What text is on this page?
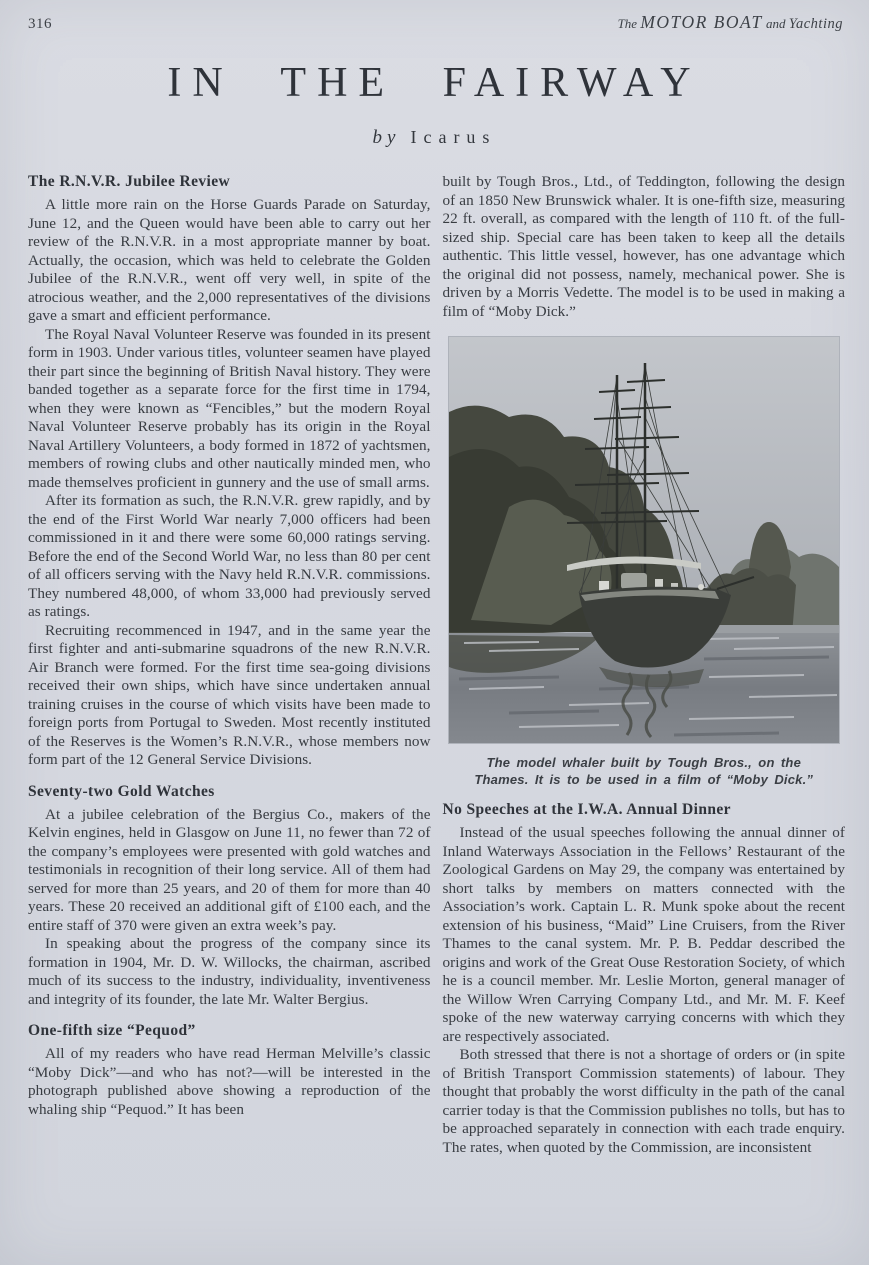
316	The MOTOR BOAT and Yachting
IN THE FAIRWAY
by Icarus
The R.N.V.R. Jubilee Review

A little more rain on the Horse Guards Parade on Saturday, June 12, and the Queen would have been able to carry out her review of the R.N.V.R. in a most appropriate manner by boat. Actually, the occasion, which was held to celebrate the Golden Jubilee of the R.N.V.R., went off very well, in spite of the atrocious weather, and the 2,000 representatives of the divisions gave a smart and efficient performance.

The Royal Naval Volunteer Reserve was founded in its present form in 1903. Under various titles, volunteer seamen have played their part since the beginning of British Naval history. They were banded together as a separate force for the first time in 1794, when they were known as “Fencibles,” but the modern Royal Naval Volunteer Reserve probably has its origin in the Royal Naval Artillery Volunteers, a body formed in 1872 of yachtsmen, members of rowing clubs and other nautically minded men, who made themselves proficient in gunnery and the use of small arms.

After its formation as such, the R.N.V.R. grew rapidly, and by the end of the First World War nearly 7,000 officers had been commissioned in it and there were some 60,000 ratings serving. Before the end of the Second World War, no less than 80 per cent of all officers serving with the Navy held R.N.V.R. commissions. They numbered 48,000, of whom 33,000 had previously served as ratings.

Recruiting recommenced in 1947, and in the same year the first fighter and anti-submarine squadrons of the new R.N.V.R. Air Branch were formed. For the first time sea-going divisions received their own ships, which have since undertaken annual training cruises in the course of which visits have been made to foreign ports from Portugal to Sweden. Most recently instituted of the Reserves is the Women’s R.N.V.R., whose members now form part of the 12 General Service Divisions.

Seventy-two Gold Watches

At a jubilee celebration of the Bergius Co., makers of the Kelvin engines, held in Glasgow on June 11, no fewer than 72 of the company’s employees were presented with gold watches and testimonials in recognition of their long service. All of them had served for more than 25 years, and 20 of them for more than 40 years. These 20 received an additional gift of £100 each, and the entire staff of 370 were given an extra week’s pay.

In speaking about the progress of the company since its formation in 1904, Mr. D. W. Willocks, the chairman, ascribed much of its success to the industry, individuality, inventiveness and integrity of its founder, the late Mr. Walter Bergius.

One-fifth size “Pequod”

All of my readers who have read Herman Melville’s classic “Moby Dick”—and who has not?—will be interested in the photograph published above showing a reproduction of the whaling ship “Pequod.” It has been

built by Tough Bros., Ltd., of Teddington, following the design of an 1850 New Brunswick whaler. It is one-fifth size, measuring 22 ft. overall, as compared with the length of 110 ft. of the full-sized ship. Special care has been taken to keep all the details authentic. This little vessel, however, has one advantage which the original did not possess, namely, mechanical power. She is driven by a Morris Vedette. The model is to be used in making a film of “Moby Dick.”

The model whaler built by Tough Bros., on the Thames. It is to be used in a film of “Moby Dick.”
No Speeches at the I.W.A. Annual Dinner

Instead of the usual speeches following the annual dinner of Inland Waterways Association in the Fellows’ Restaurant of the Zoological Gardens on May 29, the company was entertained by short talks by members on matters connected with the Association’s work. Captain L. R. Munk spoke about the recent extension of his business, “Maid” Line Cruisers, from the River Thames to the canal system. Mr. P. B. Peddar described the origins and work of the Great Ouse Restoration Society, of which he is a council member. Mr. Leslie Morton, general manager of the Willow Wren Carrying Company Ltd., and Mr. M. F. Keef spoke of the new waterway carrying concerns with which they are respectively associated.

Both stressed that there is not a shortage of orders or (in spite of British Transport Commission statements) of labour. They thought that probably the worst difficulty in the path of the canal carrier today is that the Commission publishes no tolls, but has to be approached separately in connection with each trade enquiry. The rates, when quoted by the Commission, are inconsistent
